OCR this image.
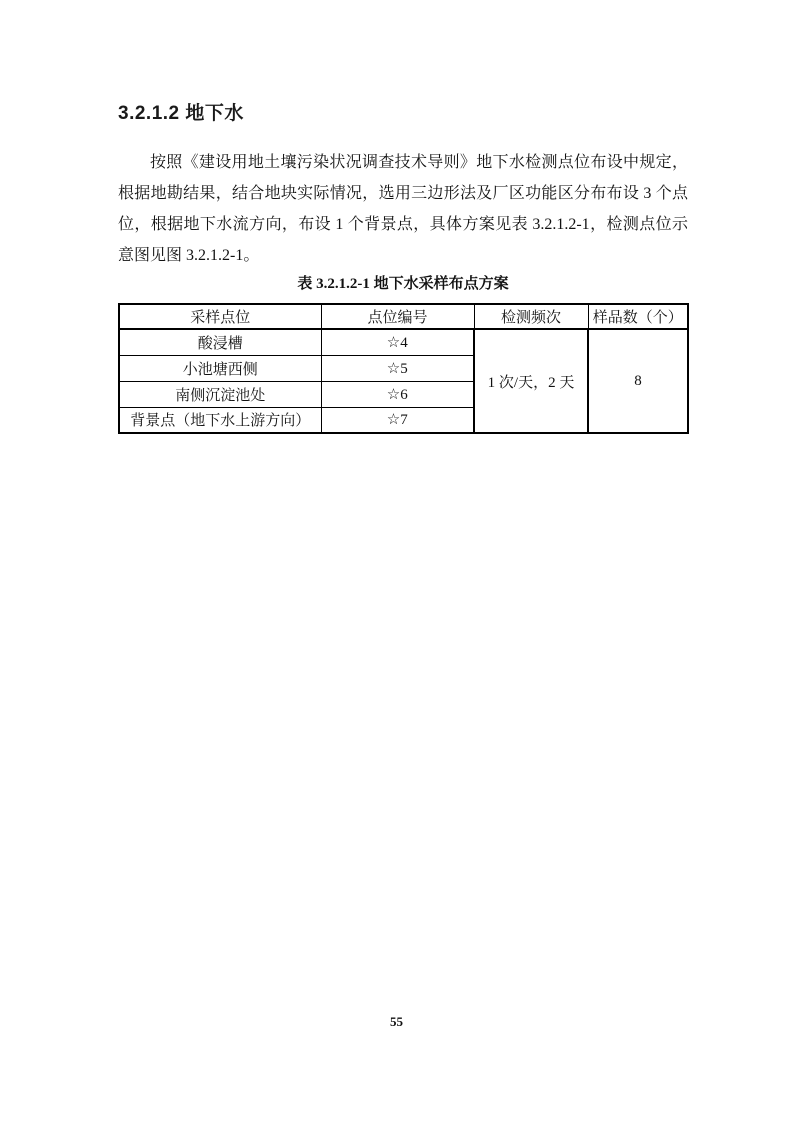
3.2.1.2 地下水

按照《建设用地土壤污染状况调查技术导则》地下水检测点位布设中规定，根据地勘结果，结合地块实际情况，选用三边形法及厂区功能区分布布设 3 个点位，根据地下水流方向，布设 1 个背景点，具体方案见表 3.2.1.2-1，检测点位示意图见图 3.2.1.2-1。

表 3.2.1.2-1 地下水采样布点方案
采样点位	点位编号	检测频次	样品数（个）
酸浸槽	☆4	1 次/天，2 天	8
小池塘西侧	☆5		
南侧沉淀池处	☆6		
背景点（地下水上游方向）	☆7		
55
